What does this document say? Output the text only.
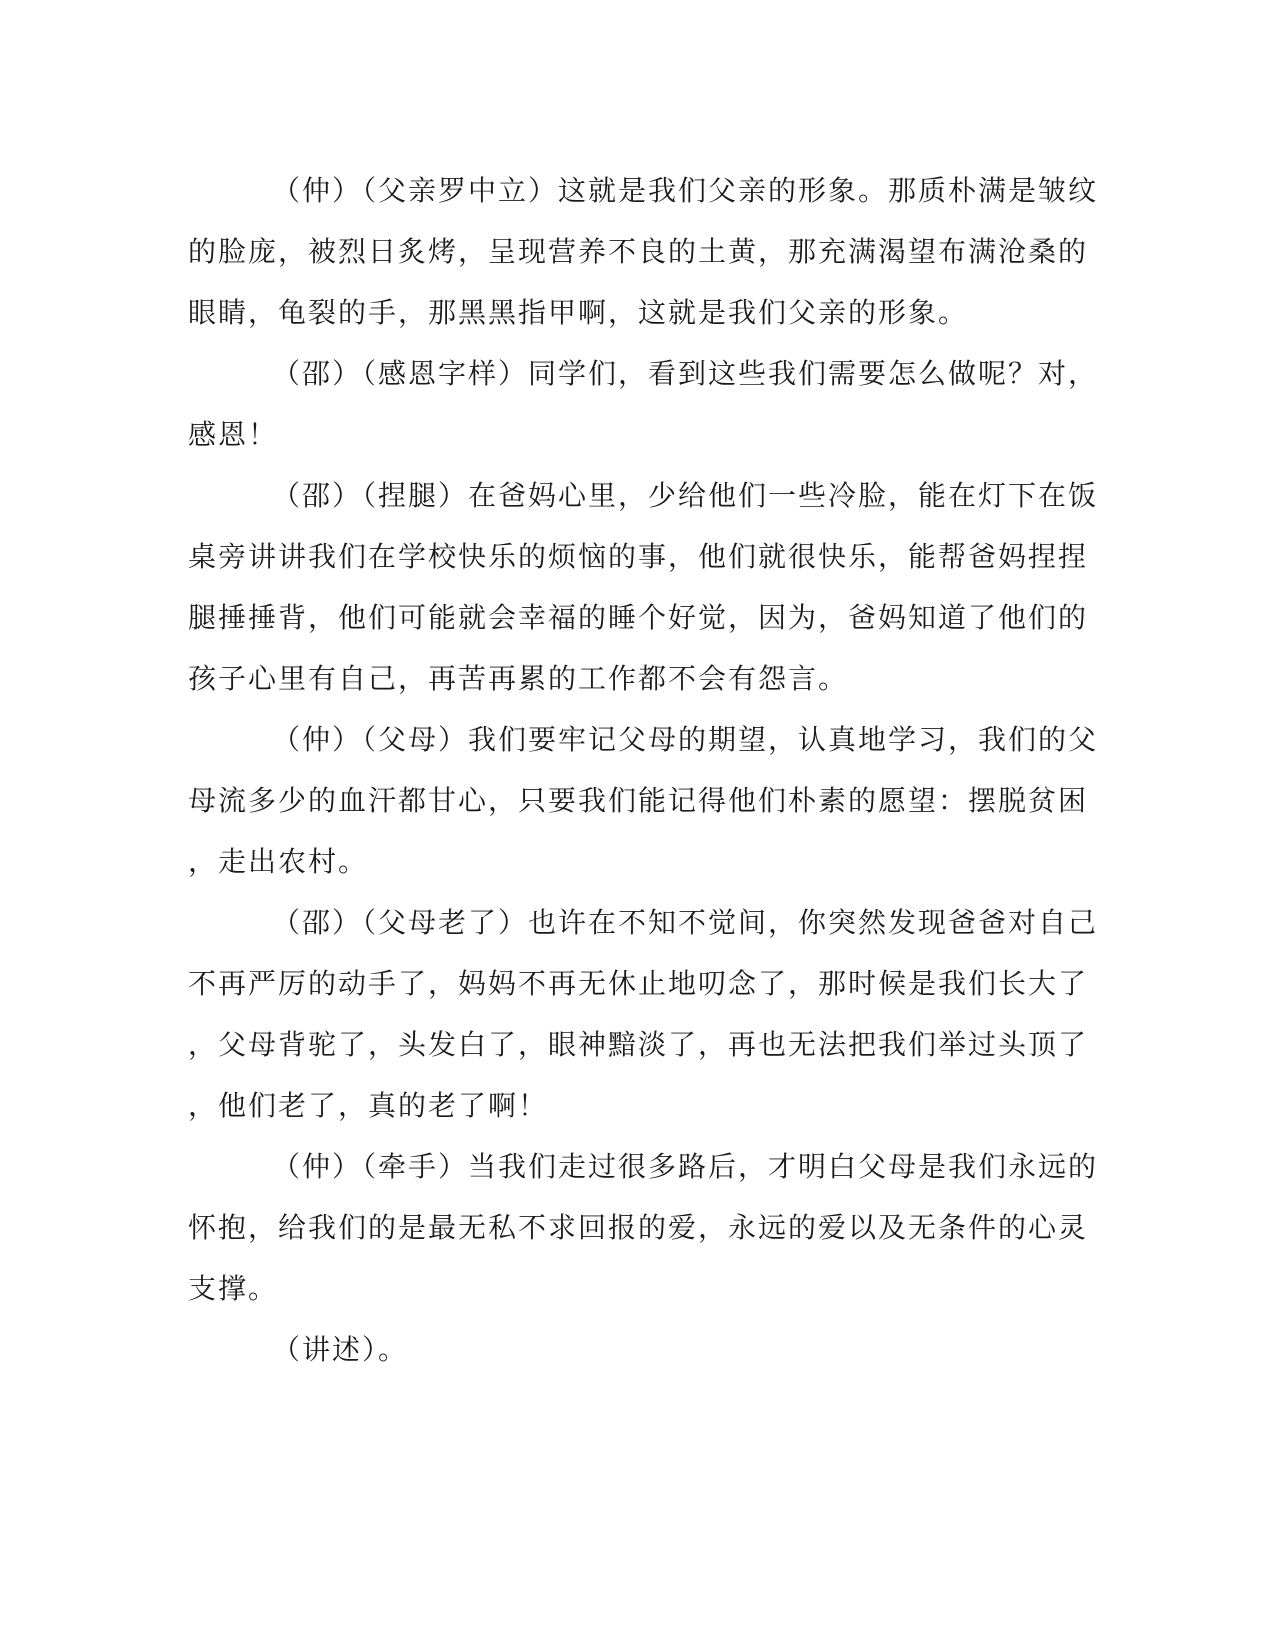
（仲）（父亲罗中立）这就是我们父亲的形象。那质朴满是皱纹
的脸庞，被烈日炙烤，呈现营养不良的土黄，那充满渴望布满沧桑的
眼睛，龟裂的手，那黑黑指甲啊，这就是我们父亲的形象。
（邵）（感恩字样）同学们，看到这些我们需要怎么做呢？对，
感恩！
（邵）（捏腿）在爸妈心里，少给他们一些冷脸，能在灯下在饭
桌旁讲讲我们在学校快乐的烦恼的事，他们就很快乐，能帮爸妈捏捏
腿捶捶背，他们可能就会幸福的睡个好觉，因为，爸妈知道了他们的
孩子心里有自己，再苦再累的工作都不会有怨言。
（仲）（父母）我们要牢记父母的期望，认真地学习，我们的父
母流多少的血汗都甘心，只要我们能记得他们朴素的愿望：摆脱贫困
，走出农村。
（邵）（父母老了）也许在不知不觉间，你突然发现爸爸对自己
不再严厉的动手了，妈妈不再无休止地叨念了，那时候是我们长大了
，父母背驼了，头发白了，眼神黯淡了，再也无法把我们举过头顶了
，他们老了，真的老了啊！
（仲）（牵手）当我们走过很多路后，才明白父母是我们永远的
怀抱，给我们的是最无私不求回报的爱，永远的爱以及无条件的心灵
支撑。
（讲述）。
